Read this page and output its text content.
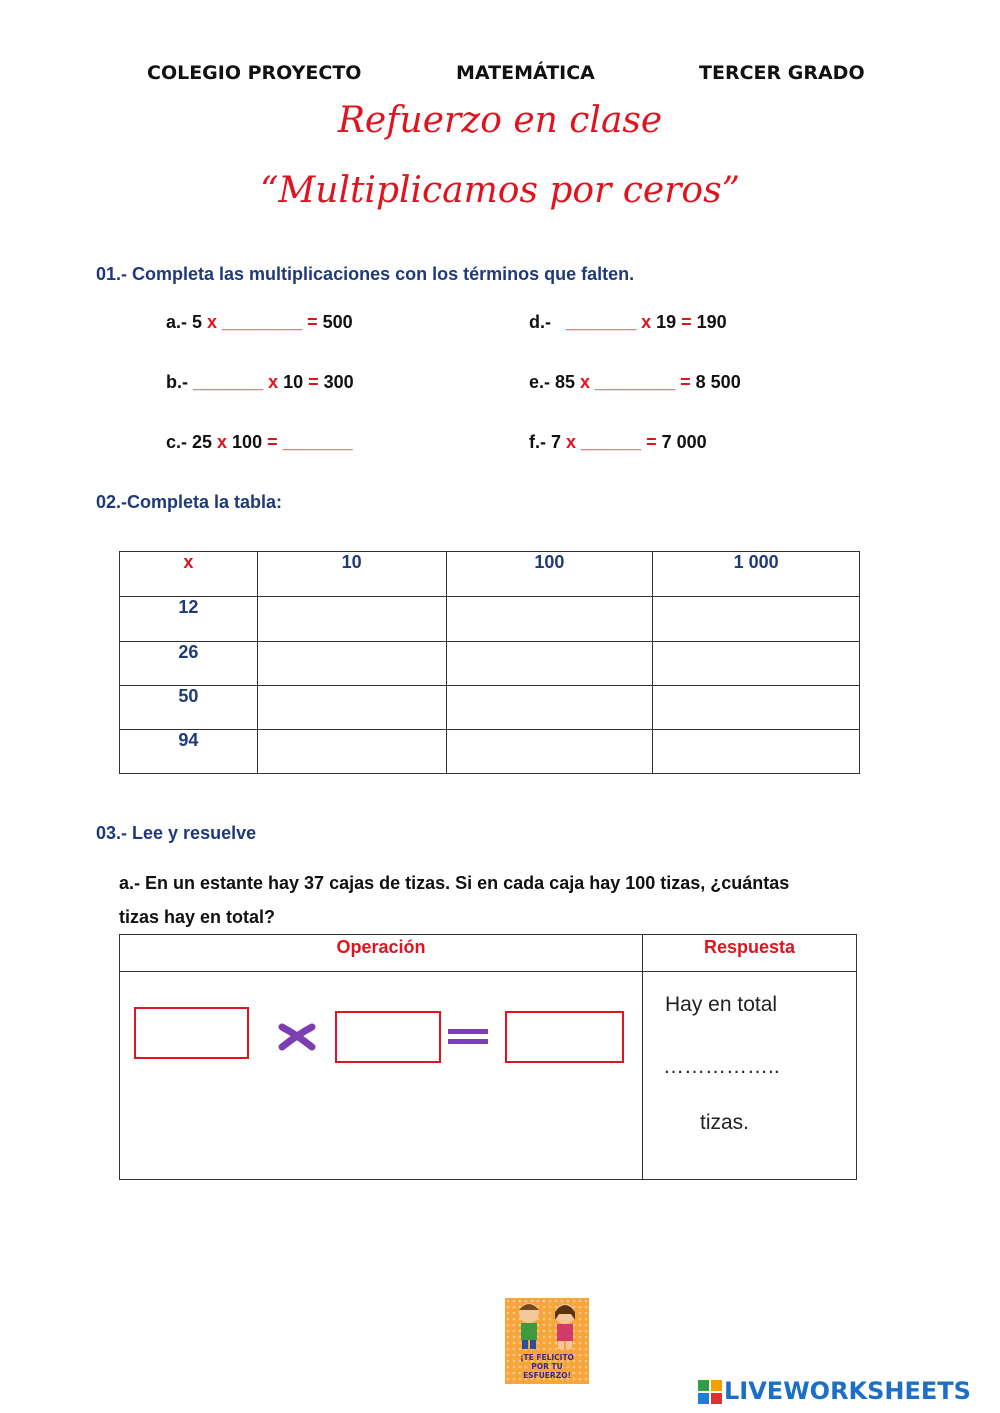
COLEGIO PROYECTO	MATEMÁTICA	TERCER GRADO
Refuerzo en clase
“Multiplicamos por ceros”
01.- Completa las multiplicaciones con los términos que falten.
a.- 5 x ________ = 500
b.- _______ x 10 = 300
c.- 25 x 100 = _______
d.-   _______ x 19 = 190
e.- 85 x ________ = 8 500
f.- 7 x ______ = 7 000
02.-Completa la tabla:
x	10	100	1 000
12			
26			
50			
94			
03.- Lee y resuelve
a.- En un estante hay 37 cajas de tizas. Si en cada caja hay 100 tizas, ¿cuántas
tizas hay en total?
Operación	Respuesta
Hay en total
……………..
tizas.
¡TE FELICITO
POR TU
ESFUERZO!
LIVEWORKSHEETS
